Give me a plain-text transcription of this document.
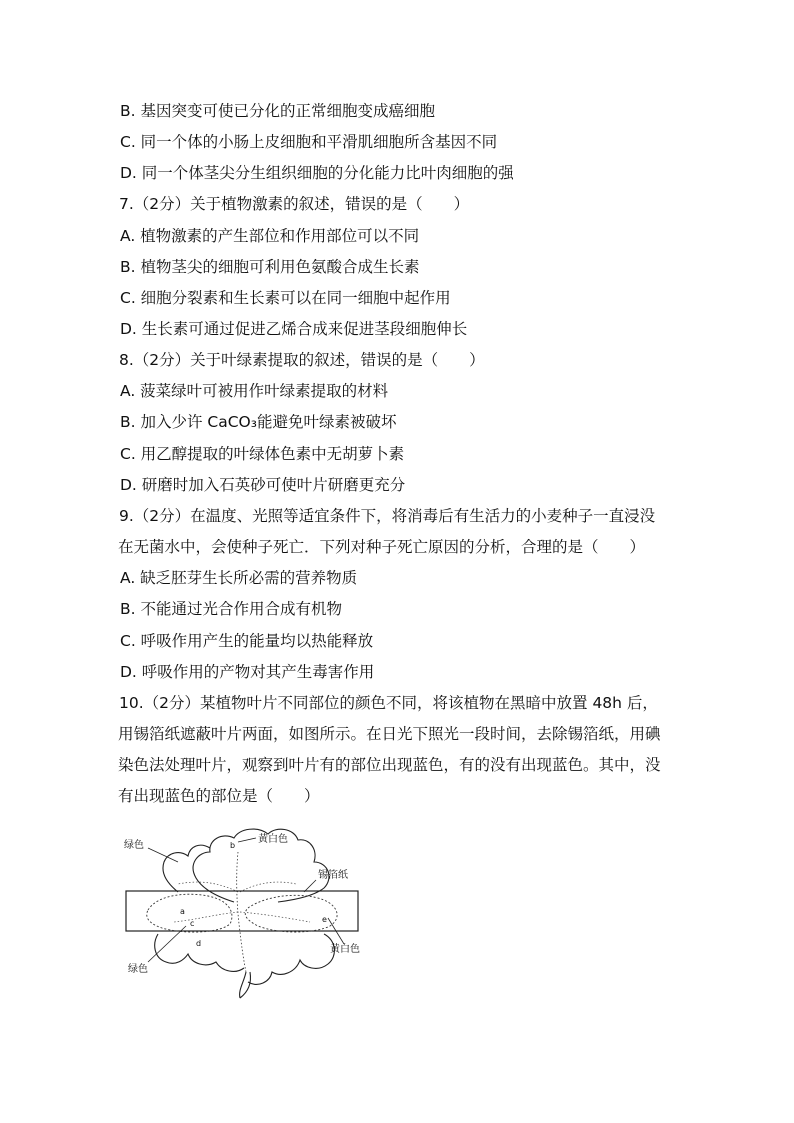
B. 基因突变可使已分化的正常细胞变成癌细胞
C. 同一个体的小肠上皮细胞和平滑肌细胞所含基因不同
D. 同一个体茎尖分生组织细胞的分化能力比叶肉细胞的强
7.（2分）关于植物激素的叙述，错误的是（　　）
A. 植物激素的产生部位和作用部位可以不同
B. 植物茎尖的细胞可利用色氨酸合成生长素
C. 细胞分裂素和生长素可以在同一细胞中起作用
D. 生长素可通过促进乙烯合成来促进茎段细胞伸长
8.（2分）关于叶绿素提取的叙述，错误的是（　　）
A. 菠菜绿叶可被用作叶绿素提取的材料
B. 加入少许 CaCO₃能避免叶绿素被破坏
C. 用乙醇提取的叶绿体色素中无胡萝卜素
D. 研磨时加入石英砂可使叶片研磨更充分
9.（2分）在温度、光照等适宜条件下，将消毒后有生活力的小麦种子一直浸没
在无菌水中，会使种子死亡．下列对种子死亡原因的分析，合理的是（　　）
A. 缺乏胚芽生长所必需的营养物质
B. 不能通过光合作用合成有机物
C. 呼吸作用产生的能量均以热能释放
D. 呼吸作用的产物对其产生毒害作用
10.（2分）某植物叶片不同部位的颜色不同，将该植物在黑暗中放置 48h 后，
用锡箔纸遮蔽叶片两面，如图所示。在日光下照光一段时间，去除锡箔纸，用碘
染色法处理叶片，观察到叶片有的部位出现蓝色，有的没有出现蓝色。其中，没
有出现蓝色的部位是（　　）
绿色
黄白色
锡箔纸
黄白色
绿色
a
b
c
d
e
